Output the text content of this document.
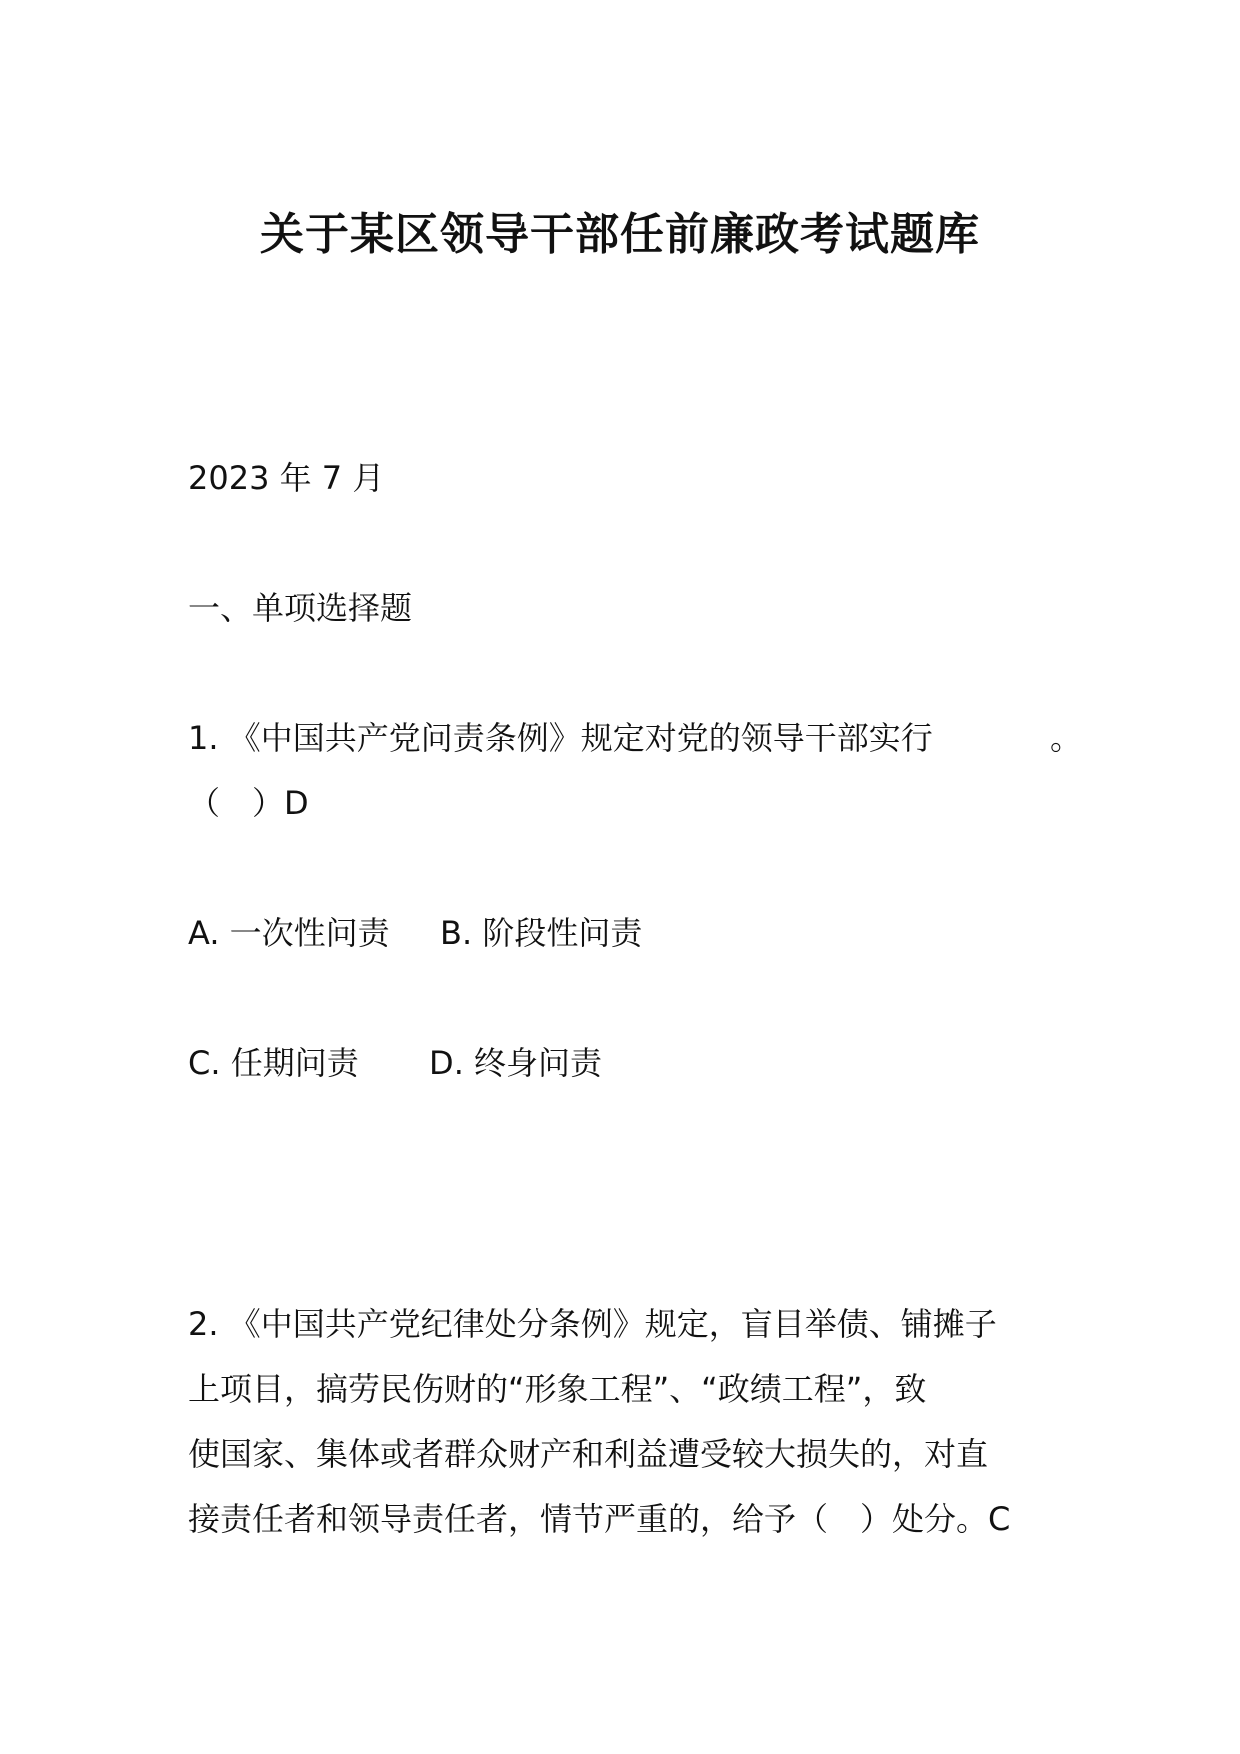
关于某区领导干部任前廉政考试题库

2023 年 7 月

一、单项选择题

1. 《中国共产党问责条例》规定对党的领导干部实行	。

（　）D

A. 一次性问责 B. 阶段性问责

C. 任期问责 D. 终身问责

2. 《中国共产党纪律处分条例》规定，盲目举债、铺摊子

上项目，搞劳民伤财的“形象工程”、“政绩工程”，致

使国家、集体或者群众财产和利益遭受较大损失的，对直

接责任者和领导责任者，情节严重的，给予（　）处分。C
